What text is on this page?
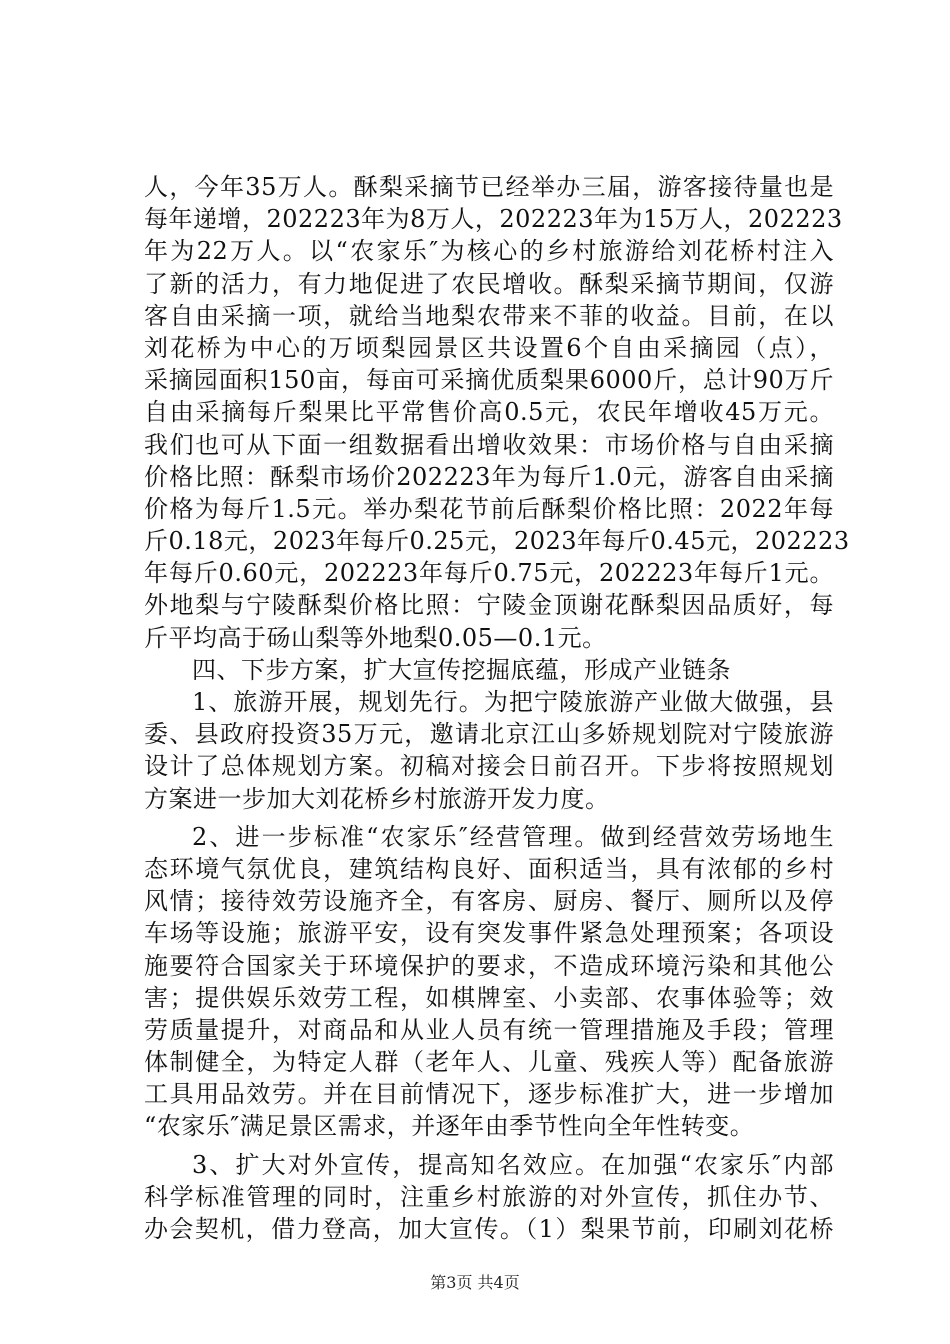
人，今年35万人。酥梨采摘节已经举办三届，游客接待量也是
每年递增，202223年为8万人，202223年为15万人，202223
年为22万人。以“农家乐″为核心的乡村旅游给刘花桥村注入
了新的活力，有力地促进了农民增收。酥梨采摘节期间，仅游
客自由采摘一项，就给当地梨农带来不菲的收益。目前，在以
刘花桥为中心的万顷梨园景区共设置6个自由采摘园（点），
采摘园面积150亩，每亩可采摘优质梨果6000斤，总计90万斤
自由采摘每斤梨果比平常售价高0.5元，农民年增收45万元。
我们也可从下面一组数据看出增收效果：市场价格与自由采摘
价格比照：酥梨市场价202223年为每斤1.0元，游客自由采摘
价格为每斤1.5元。举办梨花节前后酥梨价格比照：2022年每
斤0.18元，2023年每斤0.25元，2023年每斤0.45元，202223
年每斤0.60元，202223年每斤0.75元，202223年每斤1元。
外地梨与宁陵酥梨价格比照：宁陵金顶谢花酥梨因品质好，每
斤平均高于砀山梨等外地梨0.05—0.1元。
四、下步方案，扩大宣传挖掘底蕴，形成产业链条
1、旅游开展，规划先行。为把宁陵旅游产业做大做强，县
委、县政府投资35万元，邀请北京江山多娇规划院对宁陵旅游
设计了总体规划方案。初稿对接会日前召开。下步将按照规划
方案进一步加大刘花桥乡村旅游开发力度。
2、进一步标准“农家乐″经营管理。做到经营效劳场地生
态环境气氛优良，建筑结构良好、面积适当，具有浓郁的乡村
风情；接待效劳设施齐全，有客房、厨房、餐厅、厕所以及停
车场等设施；旅游平安，设有突发事件紧急处理预案；各项设
施要符合国家关于环境保护的要求，不造成环境污染和其他公
害；提供娱乐效劳工程，如棋牌室、小卖部、农事体验等；效
劳质量提升，对商品和从业人员有统一管理措施及手段；管理
体制健全，为特定人群（老年人、儿童、残疾人等）配备旅游
工具用品效劳。并在目前情况下，逐步标准扩大，进一步增加
“农家乐″满足景区需求，并逐年由季节性向全年性转变。
3、扩大对外宣传，提高知名效应。在加强“农家乐″内部
科学标准管理的同时，注重乡村旅游的对外宣传，抓住办节、
办会契机，借力登高，加大宣传。（1）梨果节前，印刷刘花桥
第3页 共4页
